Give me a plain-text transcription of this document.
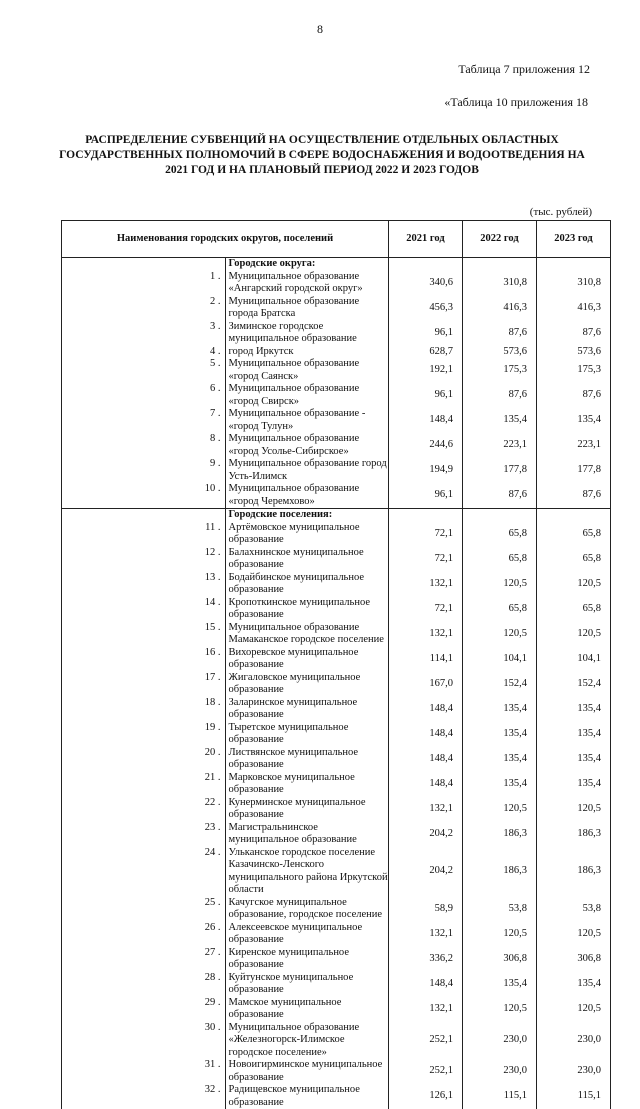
8
Таблица 7 приложения 12
«Таблица 10 приложения 18
РАСПРЕДЕЛЕНИЕ СУБВЕНЦИЙ НА ОСУЩЕСТВЛЕНИЕ ОТДЕЛЬНЫХ ОБЛАСТНЫХ
ГОСУДАРСТВЕННЫХ ПОЛНОМОЧИЙ В СФЕРЕ ВОДОСНАБЖЕНИЯ И ВОДООТВЕДЕНИЯ НА
2021 ГОД И НА ПЛАНОВЫЙ ПЕРИОД 2022 И 2023 ГОДОВ
(тыс. рублей)
Наименования городских округов, поселений		2021 год	2022 год	2023 год
	Городские округа:			
1 .	Муниципальное образование «Ангарский городской округ»	340,6	310,8	310,8
2 .	Муниципальное образование города Братска	456,3	416,3	416,3
3 .	Зиминское городское муниципальное образование	96,1	87,6	87,6
4 .	город Иркутск	628,7	573,6	573,6
5 .	Муниципальное образование «город Саянск»	192,1	175,3	175,3
6 .	Муниципальное образование «город Свирск»	96,1	87,6	87,6
7 .	Муниципальное образование - «город Тулун»	148,4	135,4	135,4
8 .	Муниципальное образование «город Усолье-Сибирское»	244,6	223,1	223,1
9 .	Муниципальное образование город Усть-Илимск	194,9	177,8	177,8
10 .	Муниципальное образование «город Черемхово»	96,1	87,6	87,6
	Городские поселения:			
11 .	Артёмовское муниципальное образование	72,1	65,8	65,8
12 .	Балахнинское муниципальное образование	72,1	65,8	65,8
13 .	Бодайбинское муниципальное образование	132,1	120,5	120,5
14 .	Кропоткинское муниципальное образование	72,1	65,8	65,8
15 .	Муниципальное образование Мамаканское городское поселение	132,1	120,5	120,5
16 .	Вихоревское муниципальное образование	114,1	104,1	104,1
17 .	Жигаловское муниципальное образование	167,0	152,4	152,4
18 .	Заларинское муниципальное образование	148,4	135,4	135,4
19 .	Тыретское муниципальное образование	148,4	135,4	135,4
20 .	Листвянское муниципальное образование	148,4	135,4	135,4
21 .	Марковское муниципальное образование	148,4	135,4	135,4
22 .	Кунерминское муниципальное образование	132,1	120,5	120,5
23 .	Магистральнинское муниципальное образование	204,2	186,3	186,3
24 .	Ульканское городское поселение Казачинско-Ленского муниципального района Иркутской области	204,2	186,3	186,3
25 .	Качугское муниципальное образование, городское поселение	58,9	53,8	53,8
26 .	Алексеевское муниципальное образование	132,1	120,5	120,5
27 .	Киренское муниципальное образование	336,2	306,8	306,8
28 .	Куйтунское муниципальное образование	148,4	135,4	135,4
29 .	Мамское муниципальное образование	132,1	120,5	120,5
30 .	Муниципальное образование «Железногорск-Илимское городское поселение»	252,1	230,0	230,0
31 .	Новоигирминское муниципальное образование	252,1	230,0	230,0
32 .	Радищевское муниципальное образование	126,1	115,1	115,1
